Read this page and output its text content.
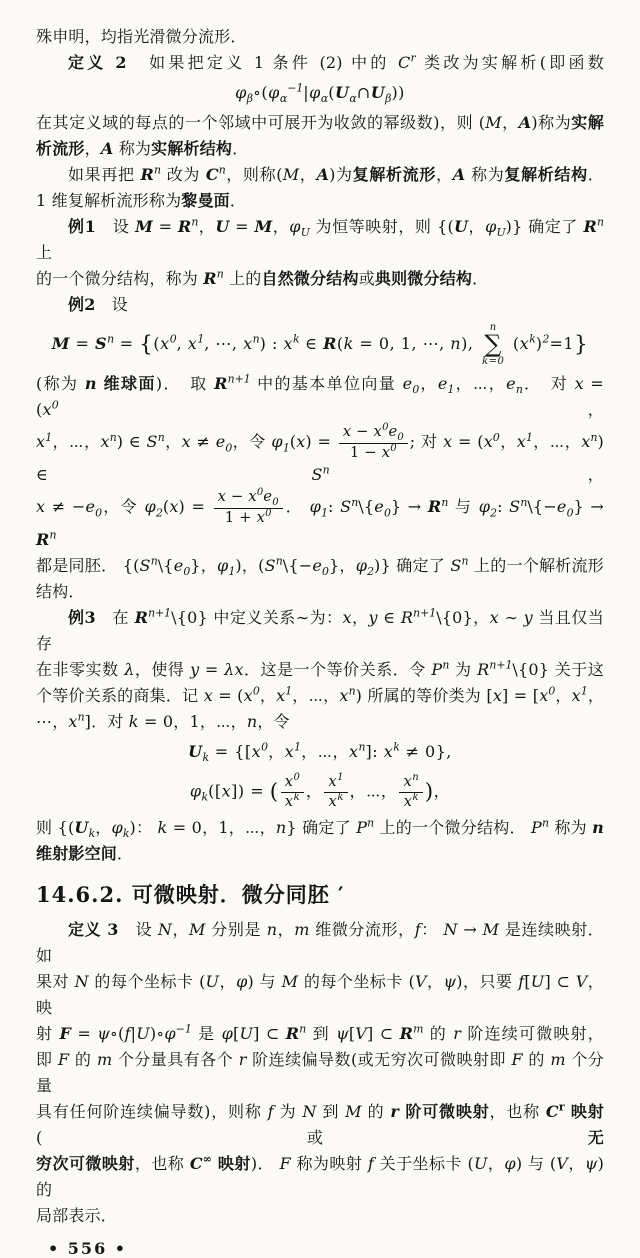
殊申明，均指光滑微分流形．
定义 2　如果把定义 1 条件 (2) 中的 $C^r$ 类改为实解析(即函数
$\varphi_\beta\circ(\varphi_\alpha^{-1}|\varphi_\alpha(U_\alpha\cap U_\beta))$
在其定义域的每点的一个邻域中可展开为收敛的幂级数)，则 (M，A)称为实解
析流形，A 称为实解析结构．
如果再把 $R^n$ 改为 $C^n$，则称(M，A)为复解析流形，A 称为复解析结构．
1 维复解析流形称为黎曼面．
例1　设 $M = R^n$，U = M，$\varphi_U$ 为恒等映射，则 {(U，$\varphi_U$)} 确定了 $R^n$ 上
的一个微分结构，称为 $R^n$ 上的自然微分结构或典则微分结构．
例2　设
$M = S^n = \{(x^0$, $x^1$, ⋯, $x^n$) : $x^k$ ∈ R(k = 0, 1, ⋯, n),
n
∑
k=0
$(x^k)^2=1$}
(称为 n 维球面)．　取 $R^{n+1}$ 中的基本单位向量 $e_0$，$e_1$，⋯，$e_n$．　对 $x = (x^0$，
$x^1$，⋯，$x^n$) ∈ $S^n$，$x \ne e_0$，令 $\varphi_1(x) = \frac{x - x^0e_0}{1 - x^0}$ ; 对 $x = (x^0$，$x^1$，⋯，$x^n$) ∈ $S^n$，
$x \ne -e_0$，令 $\varphi_2(x) = \frac{x - x^0e_0}{1 + x^0}$ ． $\varphi_1$: $S^n\backslash\{e_0\} \to R^n$ 与 $\varphi_2$: $S^n\backslash\{-e_0\} \to R^n$
都是同胚． {($S^n\backslash\{e_0\}$，$\varphi_1$)，($S^n\backslash\{-e_0\}$，$\varphi_2$)} 确定了 $S^n$ 上的一个解析流形
结构．
例3　在 $R^{n+1}\backslash\{0\}$ 中定义关系∼为：x，y ∈ $R^{n+1}\backslash\{0\}$，x ∼ y 当且仅当存
在非零实数 λ，使得 y = λx．这是一个等价关系．令 $P^n$ 为 $R^{n+1}\backslash\{0\}$ 关于这
个等价关系的商集．记 $x = (x^0$，$x^1$，⋯，$x^n$) 所属的等价类为 $[x] = [x^0$，$x^1$，
⋯，$x^n$]．对 k = 0，1，⋯，n，令
$U_k = \{[x^0$，$x^1$，⋯，$x^n$]: $x^k \ne 0$},
$\varphi_k([x])$ = ( $\frac{x^0}{x^k}$ ， $\frac{x^1}{x^k}$ ，⋯， $\frac{x^n}{x^k}$ )，
则 {($U_k$，$\varphi_k$)： k = 0，1，⋯，n} 确定了 $P^n$ 上的一个微分结构． $P^n$ 称为 n
维射影空间．
14.6.2. 可微映射．微分同胚 ′
定义 3　设 N，M 分别是 n，m 维微分流形，f： N → M 是连续映射． 如
果对 N 的每个坐标卡 (U，φ) 与 M 的每个坐标卡 (V，ψ)，只要 f[U] ⊂ V，映
射 $F = \psi\circ(f|U)\circ\varphi^{-1}$ 是 φ[U] ⊂ $R^n$ 到 ψ[V] ⊂ $R^m$ 的 r 阶连续可微映射，
即 F 的 m 个分量具有各个 r 阶连续偏导数(或无穷次可微映射即 F 的 m 个分量
具有任何阶连续偏导数)，则称 f 为 N 到 M 的 r 阶可微映射，也称 $C^r$ 映射(或无
穷次可微映射，也称 C∞ 映射)． F 称为映射 f 关于坐标卡 (U，φ) 与 (V，ψ) 的
局部表示．
• 556 •
